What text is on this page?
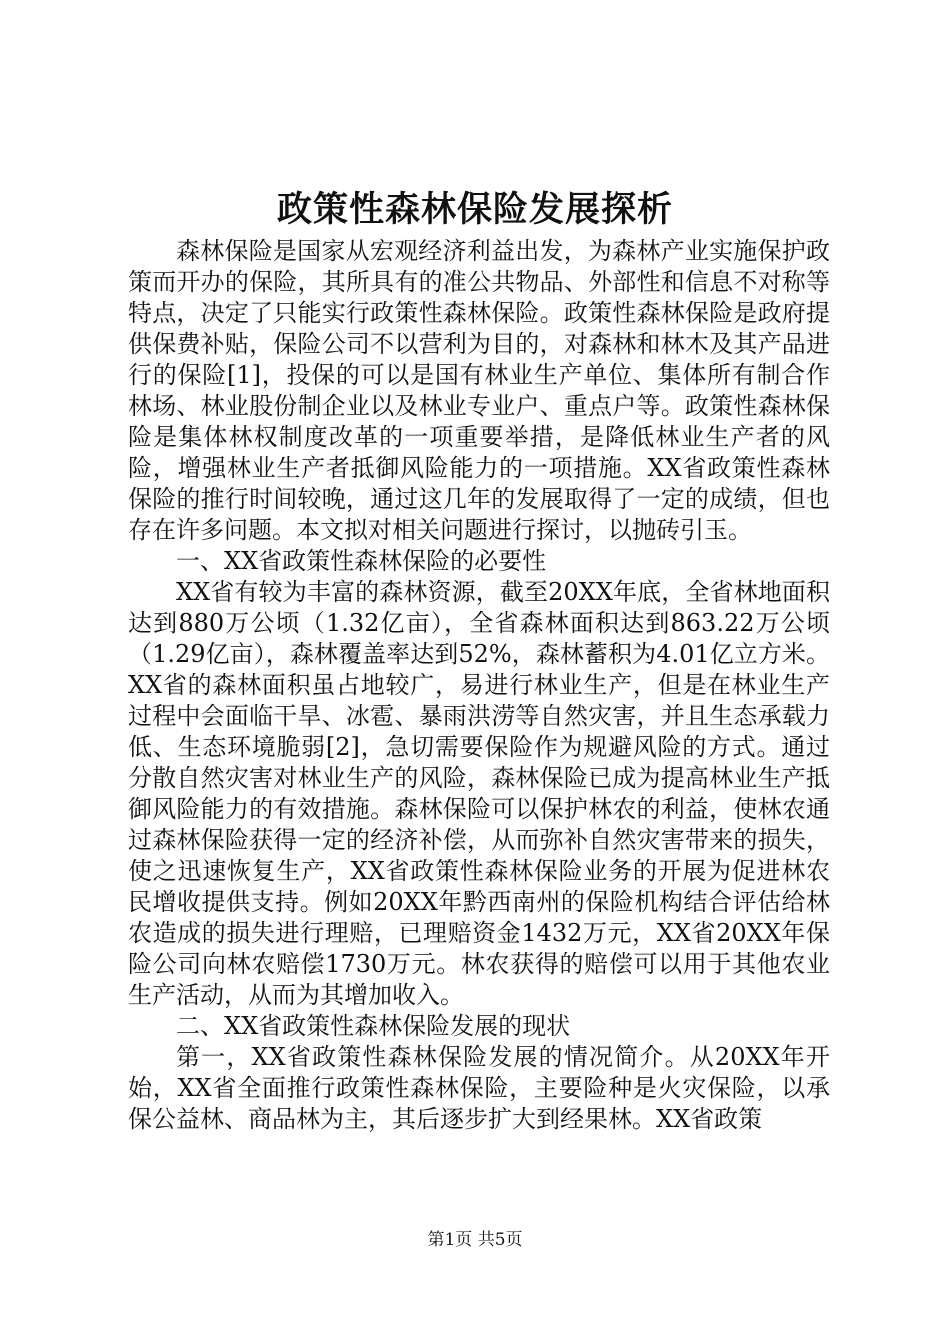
政策性森林保险发展探析

森林保险是国家从宏观经济利益出发，为森林产业实施保护政策而开办的保险，其所具有的准公共物品、外部性和信息不对称等特点，决定了只能实行政策性森林保险。政策性森林保险是政府提供保费补贴，保险公司不以营利为目的，对森林和林木及其产品进行的保险[1]，投保的可以是国有林业生产单位、集体所有制合作林场、林业股份制企业以及林业专业户、重点户等。政策性森林保险是集体林权制度改革的一项重要举措，是降低林业生产者的风险，增强林业生产者抵御风险能力的一项措施。XX省政策性森林保险的推行时间较晚，通过这几年的发展取得了一定的成绩，但也存在许多问题。本文拟对相关问题进行探讨，以抛砖引玉。

一、XX省政策性森林保险的必要性

XX省有较为丰富的森林资源，截至20XX年底，全省林地面积达到880万公顷（1.32亿亩），全省森林面积达到863.22万公顷（1.29亿亩），森林覆盖率达到52%，森林蓄积为4.01亿立方米。XX省的森林面积虽占地较广，易进行林业生产，但是在林业生产过程中会面临干旱、冰雹、暴雨洪涝等自然灾害，并且生态承载力低、生态环境脆弱[2]，急切需要保险作为规避风险的方式。通过分散自然灾害对林业生产的风险，森林保险已成为提高林业生产抵御风险能力的有效措施。森林保险可以保护林农的利益，使林农通过森林保险获得一定的经济补偿，从而弥补自然灾害带来的损失，使之迅速恢复生产，XX省政策性森林保险业务的开展为促进林农民增收提供支持。例如20XX年黔西南州的保险机构结合评估给林农造成的损失进行理赔，已理赔资金1432万元，XX省20XX年保险公司向林农赔偿1730万元。林农获得的赔偿可以用于其他农业生产活动，从而为其增加收入。

二、XX省政策性森林保险发展的现状

第一，XX省政策性森林保险发展的情况简介。从20XX年开始，XX省全面推行政策性森林保险，主要险种是火灾保险，以承保公益林、商品林为主，其后逐步扩大到经果林。XX省政策

第1页 共5页
